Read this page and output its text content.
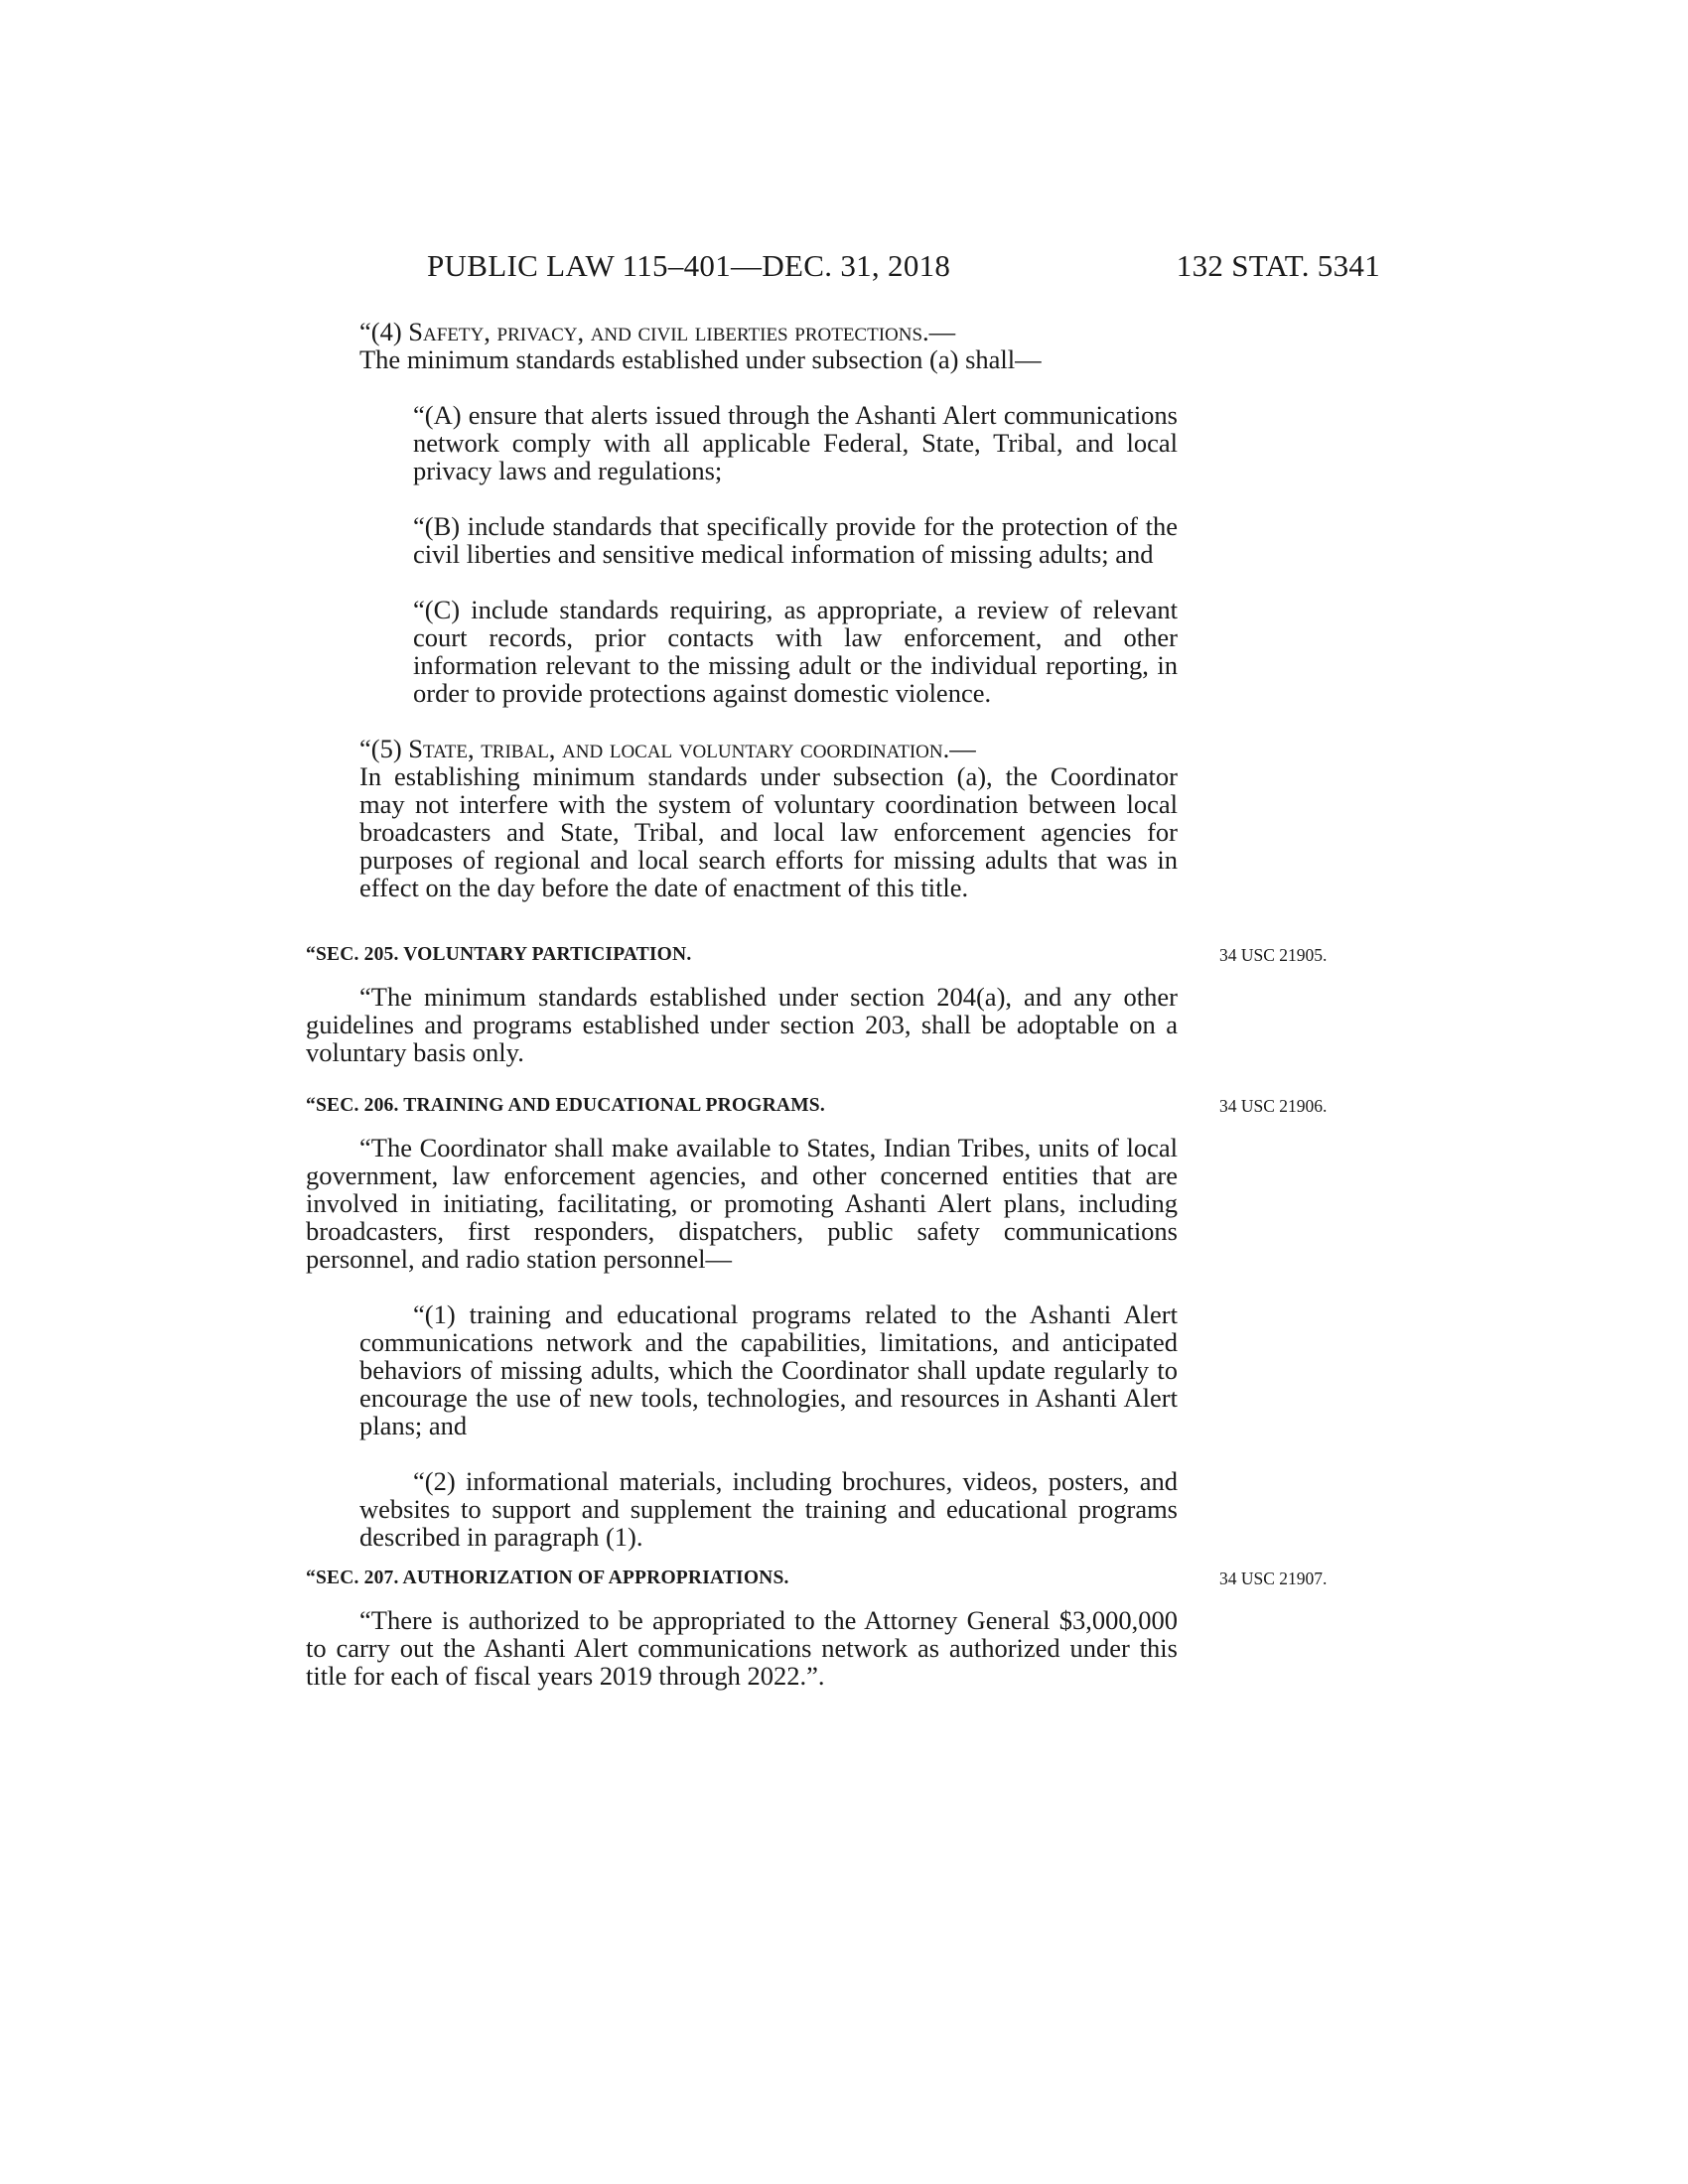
PUBLIC LAW 115–401—DEC. 31, 2018	132 STAT. 5341

“(4) Safety, privacy, and civil liberties protections.—

The minimum standards established under subsection (a) shall—

“(A) ensure that alerts issued through the Ashanti Alert communications network comply with all applicable Federal, State, Tribal, and local privacy laws and regulations;

“(B) include standards that specifically provide for the protection of the civil liberties and sensitive medical information of missing adults; and

“(C) include standards requiring, as appropriate, a review of relevant court records, prior contacts with law enforcement, and other information relevant to the missing adult or the individual reporting, in order to provide protections against domestic violence.

“(5) State, tribal, and local voluntary coordination.—

In establishing minimum standards under subsection (a), the Coordinator may not interfere with the system of voluntary coordination between local broadcasters and State, Tribal, and local law enforcement agencies for purposes of regional and local search efforts for missing adults that was in effect on the day before the date of enactment of this title.

“SEC. 205. VOLUNTARY PARTICIPATION.	34 USC 21905.

“The minimum standards established under section 204(a), and any other guidelines and programs established under section 203, shall be adoptable on a voluntary basis only.

“SEC. 206. TRAINING AND EDUCATIONAL PROGRAMS.	34 USC 21906.

“The Coordinator shall make available to States, Indian Tribes, units of local government, law enforcement agencies, and other concerned entities that are involved in initiating, facilitating, or promoting Ashanti Alert plans, including broadcasters, first responders, dispatchers, public safety communications personnel, and radio station personnel—

“(1) training and educational programs related to the Ashanti Alert communications network and the capabilities, limitations, and anticipated behaviors of missing adults, which the Coordinator shall update regularly to encourage the use of new tools, technologies, and resources in Ashanti Alert plans; and

“(2) informational materials, including brochures, videos, posters, and websites to support and supplement the training and educational programs described in paragraph (1).

“SEC. 207. AUTHORIZATION OF APPROPRIATIONS.	34 USC 21907.

“There is authorized to be appropriated to the Attorney General $3,000,000 to carry out the Ashanti Alert communications network as authorized under this title for each of fiscal years 2019 through 2022.”.
